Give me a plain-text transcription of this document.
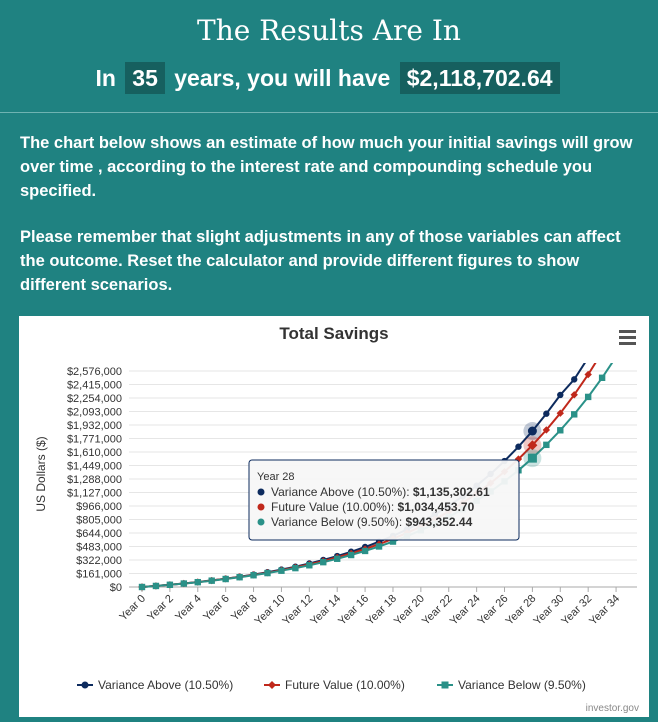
The Results Are In
In 35 years, you will have $2,118,702.64

The chart below shows an estimate of how much your initial savings will grow over time , according to the interest rate and compounding schedule you specified.

Please remember that slight adjustments in any of those variables can affect the outcome. Reset the calculator and provide different figures to show different scenarios.

Total Savings
$0
$161,000
$322,000
$483,000
$644,000
$805,000
$966,000
$1,127,000
$1,288,000
$1,449,000
$1,610,000
$1,771,000
$1,932,000
$2,093,000
$2,254,000
$2,415,000
$2,576,000
Year 0
Year 2
Year 4
Year 6
Year 8
Year 10
Year 12
Year 14
Year 16
Year 18
Year 20
Year 22
Year 24
Year 26
Year 28
Year 30
Year 32
Year 34
US Dollars ($)	Year 28
Variance Above (10.50%): $1,135,302.61
Future Value (10.00%): $1,034,453.70
Variance Below (9.50%): $943,352.44
Variance Above (10.50%)	Future Value (10.00%)	Variance Below (9.50%)
investor.gov
